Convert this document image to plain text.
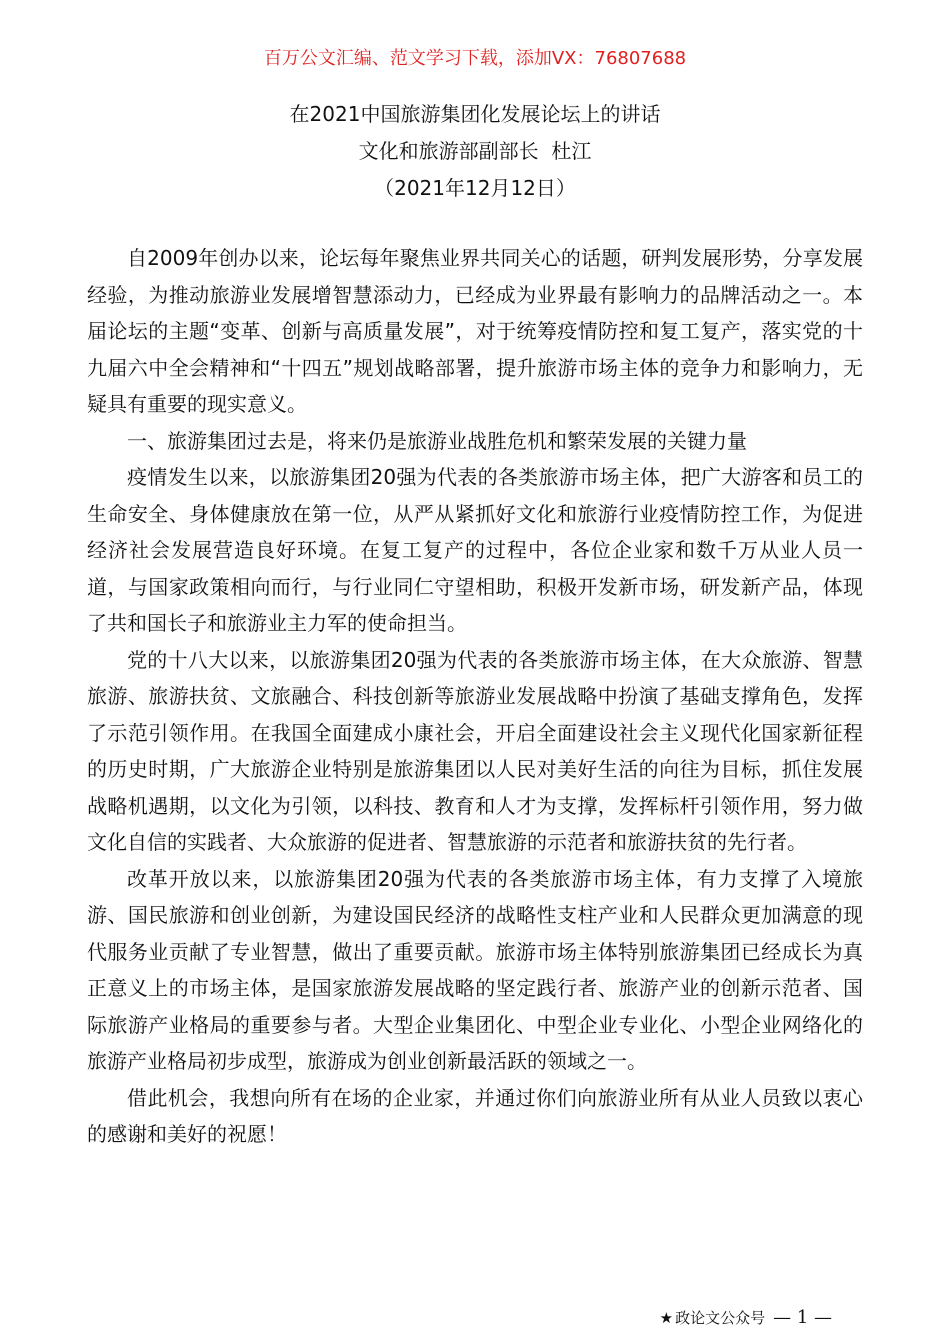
百万公文汇编、范文学习下载，添加VX：76807688
在2021中国旅游集团化发展论坛上的讲话
文化和旅游部副部长  杜江
（2021年12月12日）

自2009年创办以来，论坛每年聚焦业界共同关心的话题，研判发展形势，分享发展经验，为推动旅游业发展增智慧添动力，已经成为业界最有影响力的品牌活动之一。本届论坛的主题“变革、创新与高质量发展”，对于统筹疫情防控和复工复产，落实党的十九届六中全会精神和“十四五”规划战略部署，提升旅游市场主体的竞争力和影响力，无疑具有重要的现实意义。

一、旅游集团过去是，将来仍是旅游业战胜危机和繁荣发展的关键力量

疫情发生以来，以旅游集团20强为代表的各类旅游市场主体，把广大游客和员工的生命安全、身体健康放在第一位，从严从紧抓好文化和旅游行业疫情防控工作，为促进经济社会发展营造良好环境。在复工复产的过程中，各位企业家和数千万从业人员一道，与国家政策相向而行，与行业同仁守望相助，积极开发新市场，研发新产品，体现了共和国长子和旅游业主力军的使命担当。

党的十八大以来，以旅游集团20强为代表的各类旅游市场主体，在大众旅游、智慧旅游、旅游扶贫、文旅融合、科技创新等旅游业发展战略中扮演了基础支撑角色，发挥了示范引领作用。在我国全面建成小康社会，开启全面建设社会主义现代化国家新征程的历史时期，广大旅游企业特别是旅游集团以人民对美好生活的向往为目标，抓住发展战略机遇期，以文化为引领，以科技、教育和人才为支撑，发挥标杆引领作用，努力做文化自信的实践者、大众旅游的促进者、智慧旅游的示范者和旅游扶贫的先行者。

改革开放以来，以旅游集团20强为代表的各类旅游市场主体，有力支撑了入境旅游、国民旅游和创业创新，为建设国民经济的战略性支柱产业和人民群众更加满意的现代服务业贡献了专业智慧，做出了重要贡献。旅游市场主体特别旅游集团已经成长为真正意义上的市场主体，是国家旅游发展战略的坚定践行者、旅游产业的创新示范者、国际旅游产业格局的重要参与者。大型企业集团化、中型企业专业化、小型企业网络化的旅游产业格局初步成型，旅游成为创业创新最活跃的领域之一。

借此机会，我想向所有在场的企业家，并通过你们向旅游业所有从业人员致以衷心的感谢和美好的祝愿！

★ 政论文公众号 — 1 —
